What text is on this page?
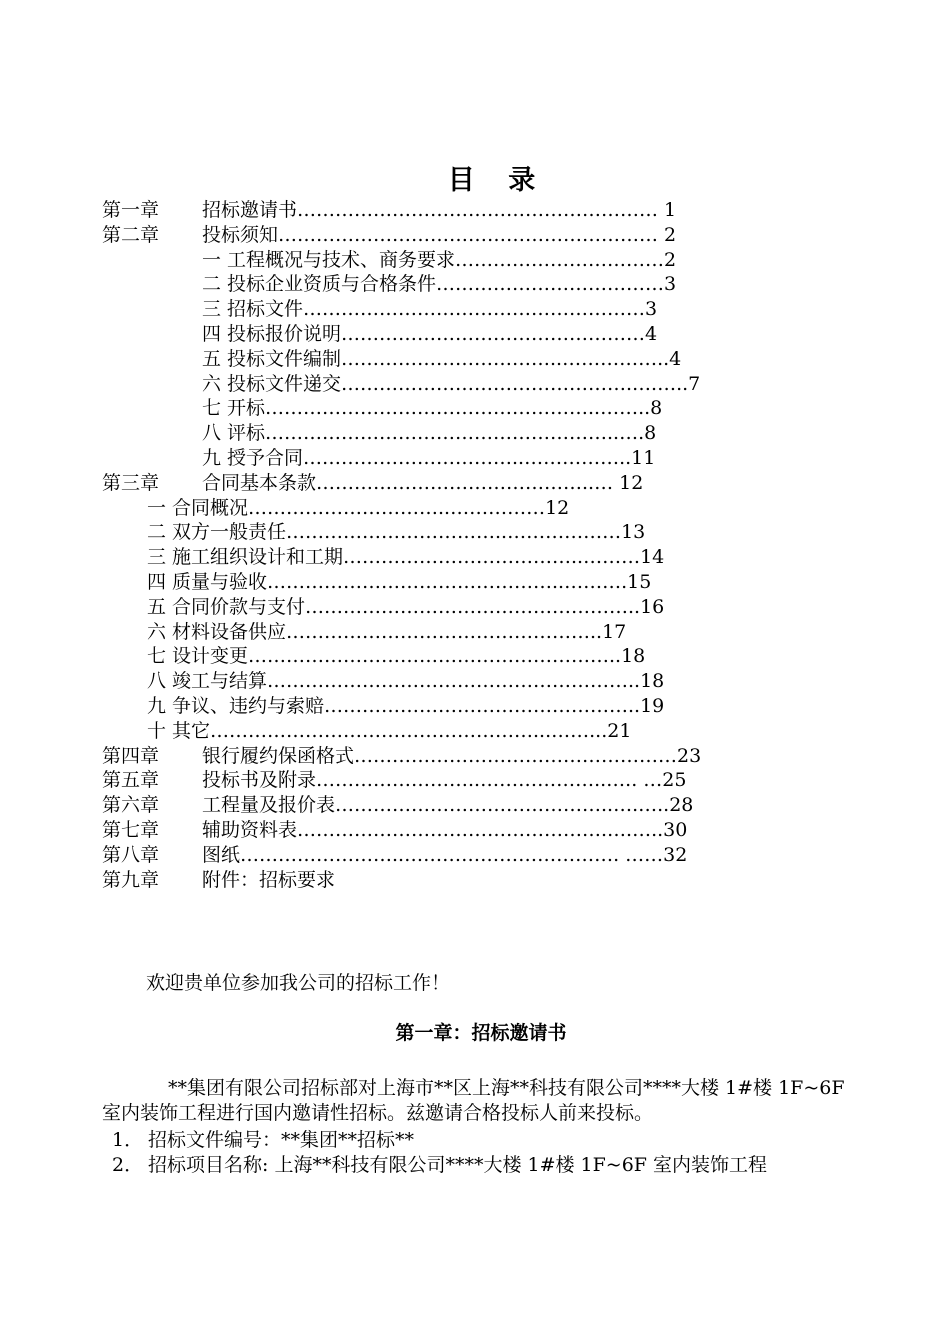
目 录
第一章 招标邀请书 ………………………………………………… 1
第二章 投标须知 …………………………………………………… 2
一 工程概况与技术、商务要求 ……………………………2
二 投标企业资质与合格条件 ………………………………3
三 招标文件 ………………………………………………3
四 投标报价说明 …………………………………………4
五 投标文件编制 ……………………………..……………..4
六 投标文件递交 ……………………………………….….…..7
七 开标 ……………………………………………..……..8
八 评标 ………………………………………………..….8
九 授予合同 ……………………………..……………..11
第三章 合同基本条款 ……………………………………..… 12
一 合同概况 …………………………..……………12
二 双方一般责任 ……………………………..………………13
三 施工组织设计和工期 ………………………………..………14
四 质量与验收 ………………………………………..……….15
五 合同价款与支付 ……………………………………………..16
六 材料设备供应 …………………………………………..17
七 设计变更 …………………………………………………..18
八 竣工与结算 …………………………………………………..18
九 争议、违约与索赔 …………………………………………..19
十 其它 ……………………………………………...……...21
第四章 银行履约保函格式 ……………………………………………23
第五章 投标书及附录 ……………………..………………..….. …25
第六章 工程量及报价表 ……………………………………..….…..28
第七章 辅助资料表 ………………………………………….….…..30
第八章 图纸 ……………………..……………………………. ……32
第九章 附件：招标要求
欢迎贵单位参加我公司的招标工作！
第一章：招标邀请书
**集团有限公司招标部对上海市**区上海**科技有限公司****大楼 1#楼 1F~6F 室内装饰工程进行国内邀请性招标。兹邀请合格投标人前来投标。
1． 招标文件编号：**集团**招标**
2． 招标项目名称: 上海**科技有限公司****大楼 1#楼 1F~6F 室内装饰工程
